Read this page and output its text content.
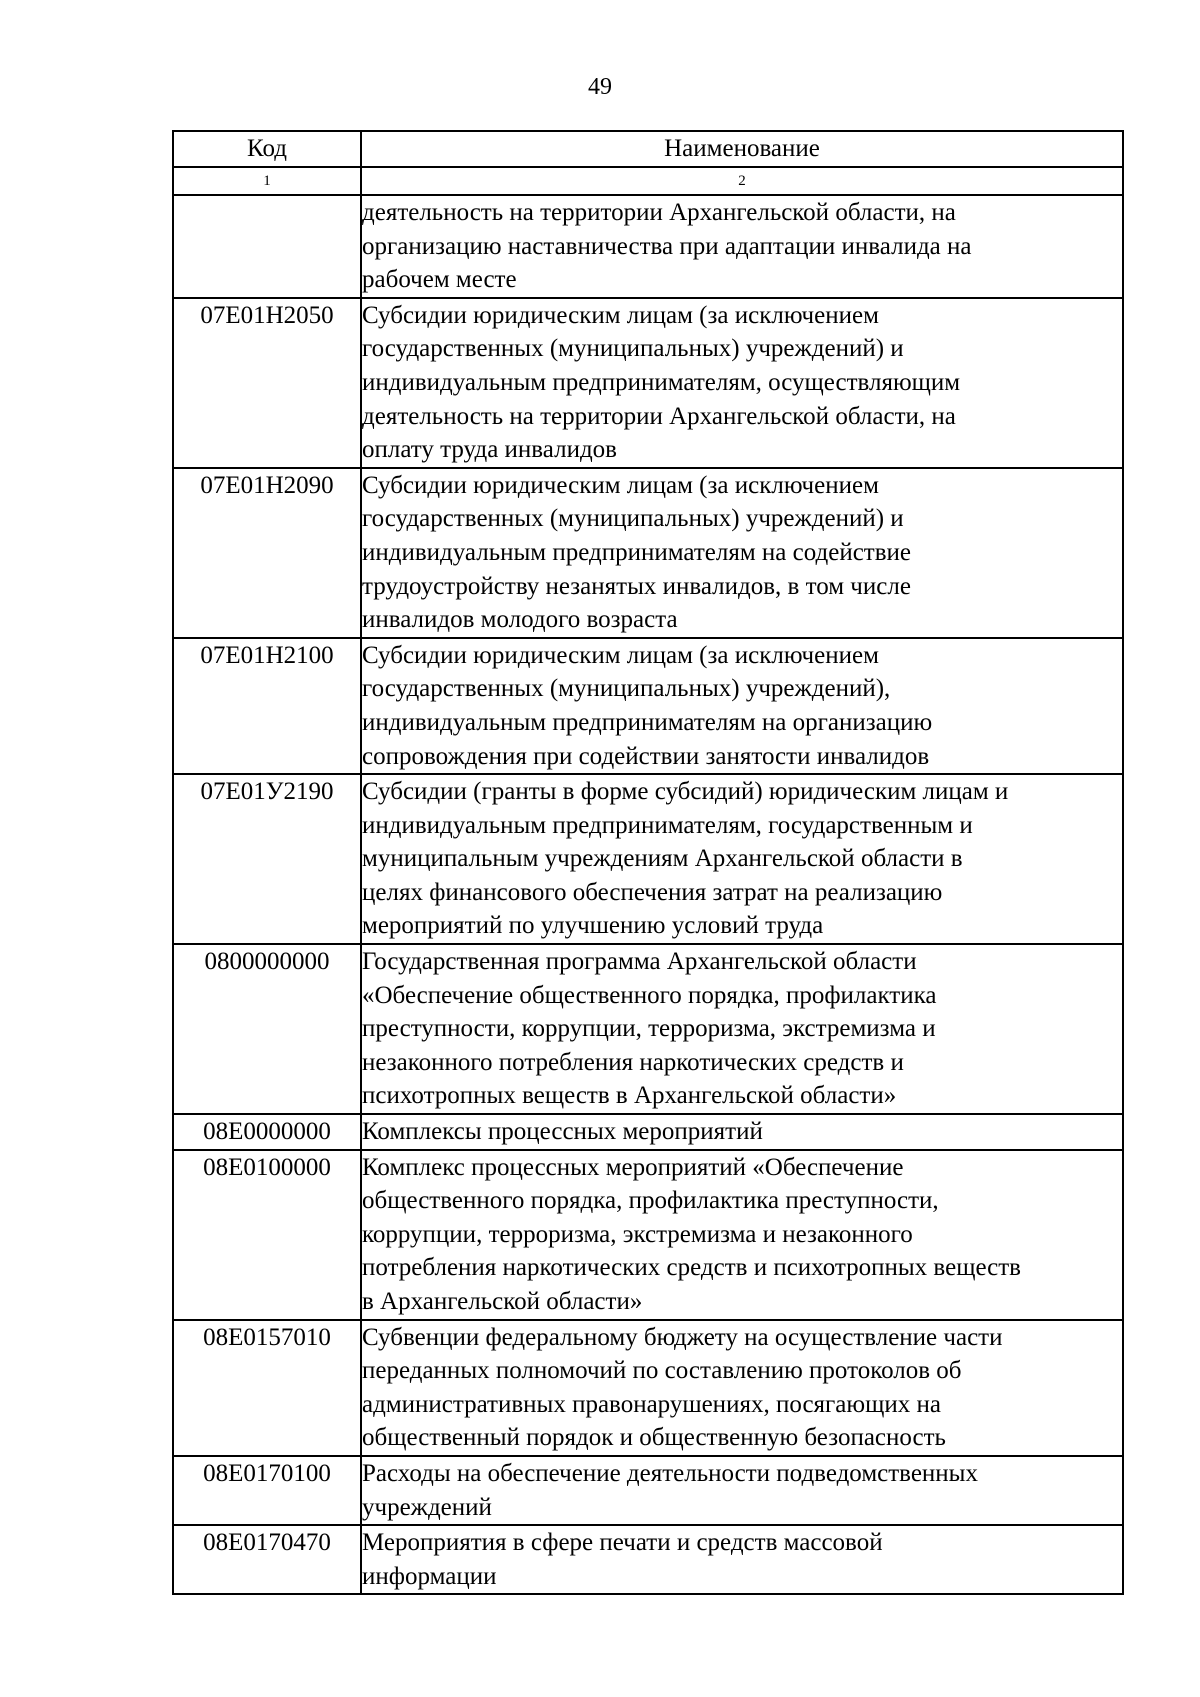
49
Код	Наименование
1	2
	деятельность на территории Архангельской области, на
организацию наставничества при адаптации инвалида на
рабочем месте
07Е01Н2050	Субсидии юридическим лицам (за исключением
государственных (муниципальных) учреждений) и
индивидуальным предпринимателям, осуществляющим
деятельность на территории Архангельской области, на
оплату труда инвалидов
07Е01Н2090	Субсидии юридическим лицам (за исключением
государственных (муниципальных) учреждений) и
индивидуальным предпринимателям на содействие
трудоустройству незанятых инвалидов, в том числе
инвалидов молодого возраста
07Е01Н2100	Субсидии юридическим лицам (за исключением
государственных (муниципальных) учреждений),
индивидуальным предпринимателям на организацию
сопровождения при содействии занятости инвалидов
07Е01У2190	Субсидии (гранты в форме субсидий) юридическим лицам и
индивидуальным предпринимателям, государственным и
муниципальным учреждениям Архангельской области в
целях финансового обеспечения затрат на реализацию
мероприятий по улучшению условий труда
0800000000	Государственная программа Архангельской области
«Обеспечение общественного порядка, профилактика
преступности, коррупции, терроризма, экстремизма и
незаконного потребления наркотических средств и
психотропных веществ в Архангельской области»
08Е0000000	Комплексы процессных мероприятий
08Е0100000	Комплекс процессных мероприятий «Обеспечение
общественного порядка, профилактика преступности,
коррупции, терроризма, экстремизма и незаконного
потребления наркотических средств и психотропных веществ
в Архангельской области»
08Е0157010	Субвенции федеральному бюджету на осуществление части
переданных полномочий по составлению протоколов об
административных правонарушениях, посягающих на
общественный порядок и общественную безопасность
08Е0170100	Расходы на обеспечение деятельности подведомственных
учреждений
08Е0170470	Мероприятия в сфере печати и средств массовой
информации
